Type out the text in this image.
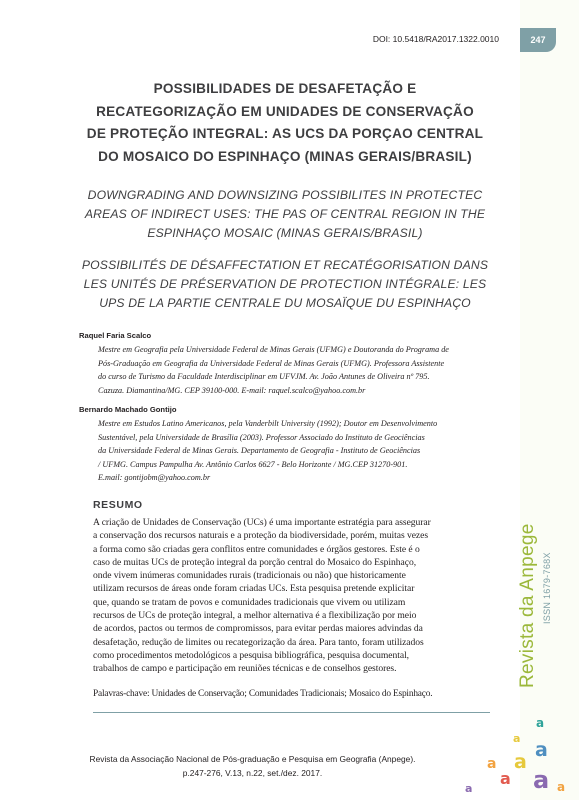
247
DOI: 10.5418/RA2017.1322.0010
POSSIBILIDADES DE DESAFETAÇÃO E
RECATEGORIZAÇÃO EM UNIDADES DE CONSERVAÇÃO
DE PROTEÇÃO INTEGRAL: AS UCS DA PORÇAO CENTRAL
DO MOSAICO DO ESPINHAÇO (MINAS GERAIS/BRASIL)
DOWNGRADING AND DOWNSIZING POSSIBILITES IN PROTECTEC
AREAS OF INDIRECT USES: THE PAS OF CENTRAL REGION IN THE
ESPINHAÇO MOSAIC (MINAS GERAIS/BRASIL)
POSSIBILITÉS DE DÉSAFFECTATION ET RECATÉGORISATION DANS
LES UNITÉS DE PRÉSERVATION DE PROTECTION INTÉGRALE: LES
UPS DE LA PARTIE CENTRALE DU MOSAÏQUE DU ESPINHAÇO
Raquel Faria Scalco
Mestre em Geografia pela Universidade Federal de Minas Gerais (UFMG) e Doutoranda do Programa de
Pós-Graduação em Geografia da Universidade Federal de Minas Gerais (UFMG). Professora Assistente
do curso de Turismo da Faculdade Interdisciplinar em UFVJM. Av. João Antunes de Oliveira nº 795.
Cazuza. Diamantina/MG. CEP 39100-000. E-mail: raquel.scalco@yahoo.com.br
Bernardo Machado Gontijo
Mestre em Estudos Latino Americanos, pela Vanderbilt University (1992); Doutor em Desenvolvimento
Sustentável, pela Universidade de Brasília (2003). Professor Associado do Instituto de Geociências
da Universidade Federal de Minas Gerais. Departamento de Geografia - Instituto de Geociências
/ UFMG. Campus Pampulha Av. Antônio Carlos 6627 - Belo Horizonte / MG.CEP 31270-901.
E.mail: gontijobm@yahoo.com.br
RESUMO
A criação de Unidades de Conservação (UCs) é uma importante estratégia para assegurar
a conservação dos recursos naturais e a proteção da biodiversidade, porém, muitas vezes
a forma como são criadas gera conflitos entre comunidades e órgãos gestores. Este é o
caso de muitas UCs de proteção integral da porção central do Mosaico do Espinhaço,
onde vivem inúmeras comunidades rurais (tradicionais ou não) que historicamente
utilizam recursos de áreas onde foram criadas UCs. Esta pesquisa pretende explicitar
que, quando se tratam de povos e comunidades tradicionais que vivem ou utilizam
recursos de UCs de proteção integral, a melhor alternativa é a flexibilização por meio
de acordos, pactos ou termos de compromissos, para evitar perdas maiores advindas da
desafetação, redução de limites ou recategorização da área. Para tanto, foram utilizados
como procedimentos metodológicos a pesquisa bibliográfica, pesquisa documental,
trabalhos de campo e participação em reuniões técnicas e de conselhos gestores.

Palavras-chave: Unidades de Conservação; Comunidades Tradicionais; Mosaico do Espinhaço.

Revista da Associação Nacional de Pós-graduação e Pesquisa em Geografia (Anpege).
p.247-276, V.13, n.22, set./dez. 2017.
Revista da Anpege ISSN 1679-768X
a
a
a a
a
a
a a a
